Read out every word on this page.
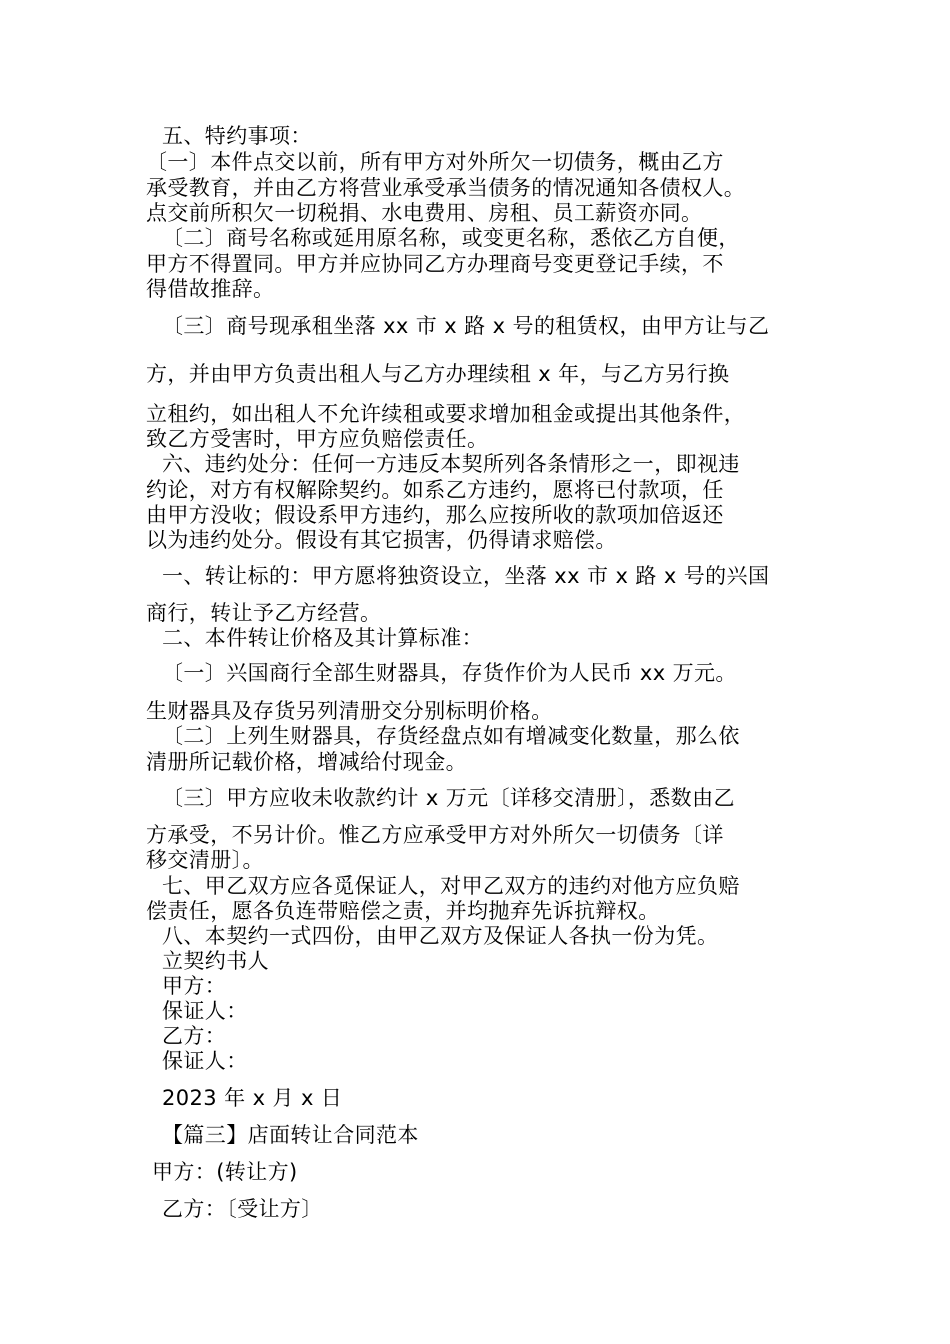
五、特约事项：

〔一〕本件点交以前，所有甲方对外所欠一切债务，概由乙方

承受教育，并由乙方将营业承受承当债务的情况通知各债权人。

点交前所积欠一切税捐、水电费用、房租、员工薪资亦同。

〔二〕商号名称或延用原名称，或变更名称，悉依乙方自便，

甲方不得置同。甲方并应协同乙方办理商号变更登记手续，不

得借故推辞。

〔三〕商号现承租坐落 xx 市 x 路 x 号的租赁权，由甲方让与乙

方，并由甲方负责出租人与乙方办理续租 x 年，与乙方另行换

立租约，如出租人不允许续租或要求增加租金或提出其他条件，

致乙方受害时，甲方应负赔偿责任。

六、违约处分：任何一方违反本契所列各条情形之一，即视违

约论，对方有权解除契约。如系乙方违约，愿将已付款项，任

由甲方没收；假设系甲方违约，那么应按所收的款项加倍返还

以为违约处分。假设有其它损害，仍得请求赔偿。

一、转让标的：甲方愿将独资设立，坐落 xx 市 x 路 x 号的兴国

商行，转让予乙方经营。

二、本件转让价格及其计算标准：

〔一〕兴国商行全部生财器具，存货作价为人民币 xx 万元。

生财器具及存货另列清册交分别标明价格。

〔二〕上列生财器具，存货经盘点如有增减变化数量，那么依

清册所记载价格，增减给付现金。

〔三〕甲方应收未收款约计 x 万元〔详移交清册〕，悉数由乙

方承受，不另计价。惟乙方应承受甲方对外所欠一切债务〔详

移交清册〕。

七、甲乙双方应各觅保证人，对甲乙双方的违约对他方应负赔

偿责任，愿各负连带赔偿之责，并均抛弃先诉抗辩权。

八、本契约一式四份，由甲乙双方及保证人各执一份为凭。

立契约书人

甲方：

保证人：

乙方：

保证人：

2023 年 x 月 x 日

【篇三】店面转让合同范本

甲方：(转让方)

乙方：〔受让方〕
